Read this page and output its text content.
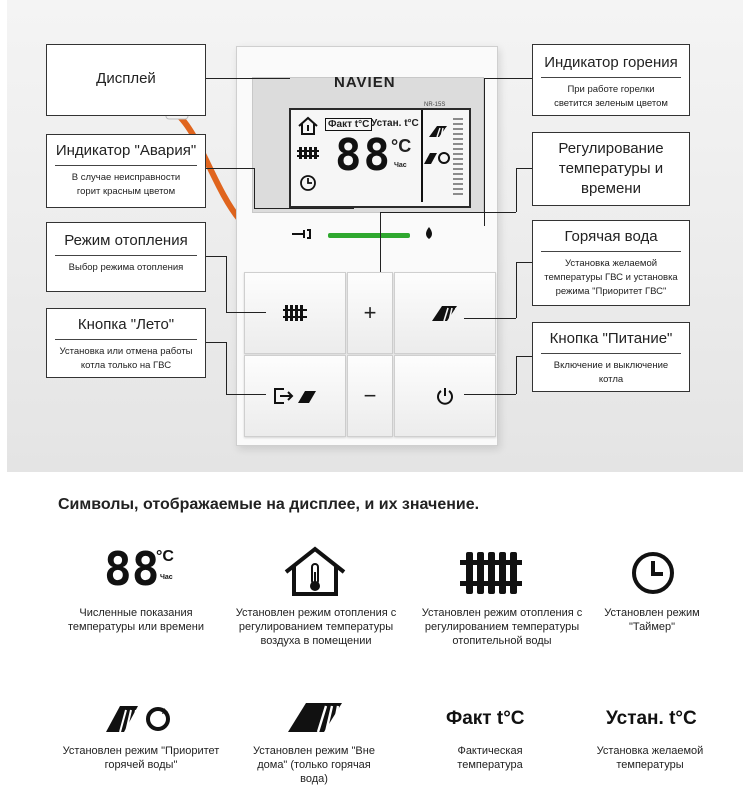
NAVIEN
NR-15S
Факт t°C Устан. t°C
88 °C
Час
+
−
Дисплей
Индикатор "Авария"
В случае неисправности горит красным цветом
Режим отопления
Выбор режима отопления
Кнопка "Лето"
Установка или отмена работы котла только на ГВС
Индикатор горения
При работе горелки светится зеленым цветом
Регулирование температуры и времени
Горячая вода
Установка желаемой температуры ГВС и установка режима "Приоритет ГВС"
Кнопка "Питание"
Включение и выключение котла
Символы, отображаемые на дисплее, и их значение.
88
°C
Час
Численные показания температуры или времени
Установлен режим отопления с регулированием температуры воздуха в помещении
Установлен режим отопления с регулированием температуры отопительной воды
Установлен режим "Таймер"
Факт t°C	Устан. t°C
Установлен режим "Приоритет горячей воды"
Установлен режим "Вне дома" (только горячая вода)
Фактическая температура
Установка желаемой температуры
